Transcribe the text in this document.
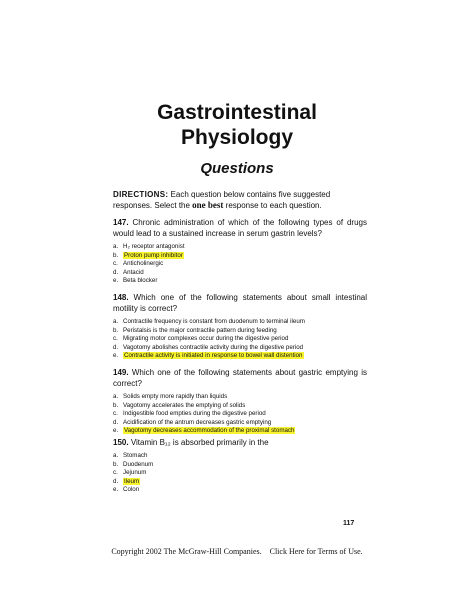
Gastrointestinal
Physiology
Questions
DIRECTIONS: Each question below contains five suggested responses. Select the one best response to each question.
147. Chronic administration of which of the following types of drugs would lead to a sustained increase in serum gastrin levels?
a. H₂ receptor antagonist
b. Proton pump inhibitor
c. Anticholinergic
d. Antacid
e. Beta blocker
148. Which one of the following statements about small intestinal motility is correct?
a. Contractile frequency is constant from duodenum to terminal ileum
b. Peristalsis is the major contractile pattern during feeding
c. Migrating motor complexes occur during the digestive period
d. Vagotomy abolishes contractile activity during the digestive period
e. Contractile activity is initiated in response to bowel wall distention
149. Which one of the following statements about gastric emptying is correct?
a. Solids empty more rapidly than liquids
b. Vagotomy accelerates the emptying of solids
c. Indigestible food empties during the digestive period
d. Acidification of the antrum decreases gastric emptying
e. Vagotomy decreases accommodation of the proximal stomach
150. Vitamin B₁₂ is absorbed primarily in the
a. Stomach
b. Duodenum
c. Jejunum
d. Ileum
e. Colon
117
Copyright 2002 The McGraw-Hill Companies. Click Here for Terms of Use.
